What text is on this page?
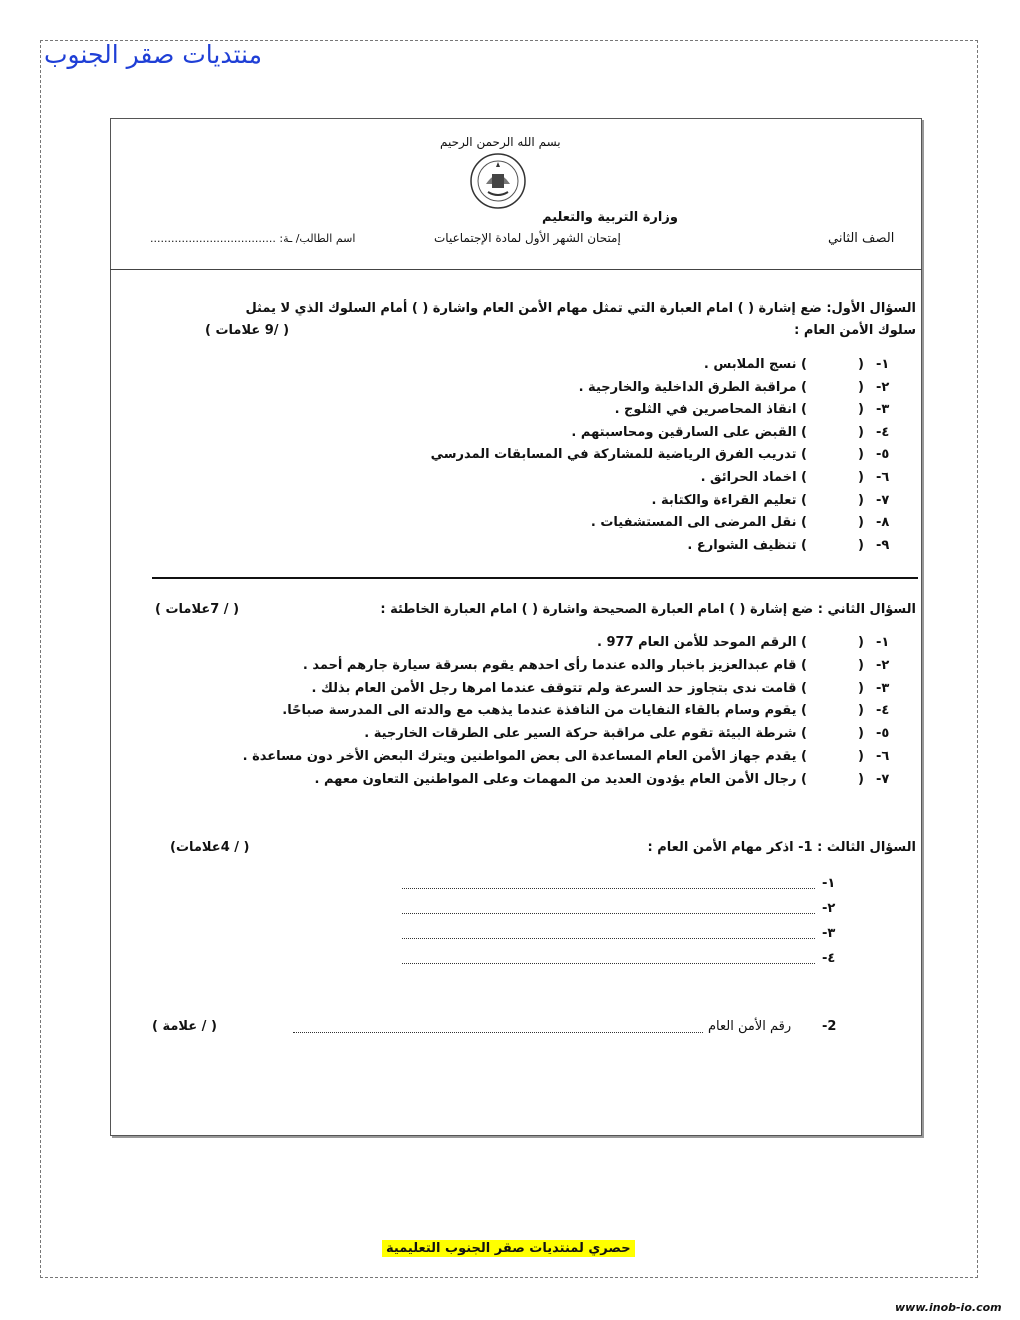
منتديات صقر الجنوب
بسم الله الرحمن الرحيم
وزارة التربية والتعليم
الصف الثاني
إمتحان الشهر الأول لمادة الإجتماعيات
اسم الطالب/ ـة: ....................................
السؤال الأول: ضع إشارة ( ) امام العبارة التي تمثل مهام الأمن العام واشارة ( ) أمام السلوك الذي لا يمثل
سلوك الأمن العام :
( /9 علامات )
١-
(
) نسج الملابس .
٢-
(
) مراقبة الطرق الداخلية والخارجية .
٣-
(
) انقاذ المحاصرين في الثلوج .
٤-
(
) القبض على السارقين ومحاسبتهم .
٥-
(
) تدريب الفرق الرياضية للمشاركة في المسابقات المدرسي
٦-
(
) اخماد الحرائق .
٧-
(
) تعليم القراءة والكتابة .
٨-
(
) نقل المرضى الى المستشفيات .
٩-
(
) تنظيف الشوارع .
السؤال الثاني : ضع إشارة ( ) امام العبارة الصحيحة واشارة ( ) امام العبارة الخاطئة :
( / 7علامات )
١-
(
) الرقم الموحد للأمن العام 977 .
٢-
(
) قام عبدالعزيز باخبار والده عندما رأى احدهم يقوم بسرقة سيارة جارهم أحمد .
٣-
(
) قامت ندى بتجاوز حد السرعة ولم تتوقف عندما امرها رجل الأمن العام بذلك .
٤-
(
) يقوم وسام بالقاء النفايات من النافذة عندما يذهب مع والدته الى المدرسة صباحًا.
٥-
(
) شرطة البيئة تقوم على مراقبة حركة السير على الطرقات الخارجية .
٦-
(
) يقدم جهاز الأمن العام المساعدة الى بعض المواطنين ويترك البعض الأخر دون مساعدة .
٧-
(
) رجال الأمن العام يؤدون العديد من المهمات وعلى المواطنين التعاون معهم .
السؤال الثالث : 1- اذكر مهام الأمن العام :
( / 4علامات)
١-
٢-
٣-
٤-
2-
رقم الأمن العام
( / علامة )
حصري لمنتديات صقر الجنوب التعليمية
www.inob-io.com
